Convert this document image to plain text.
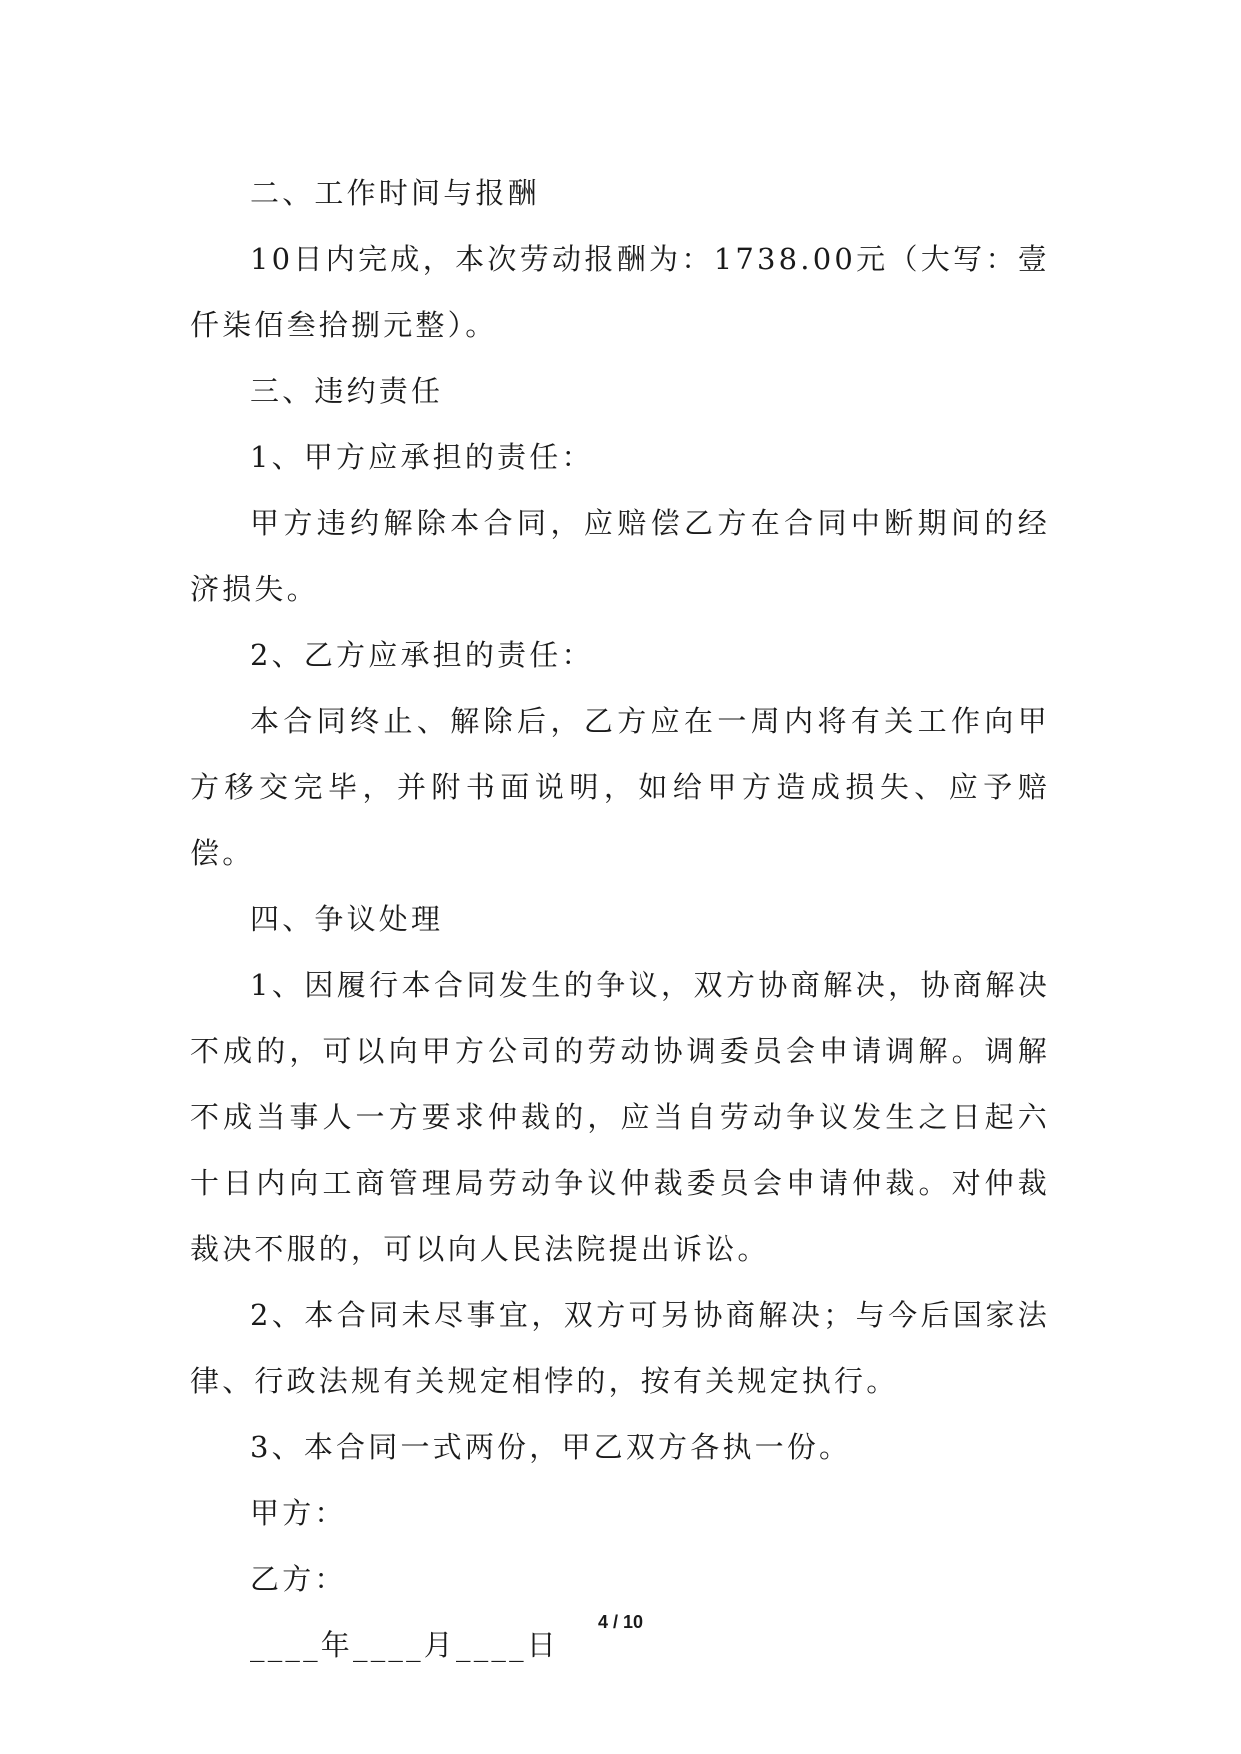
二、工作时间与报酬

10日内完成，本次劳动报酬为：1738.00元（大写：壹仟柒佰叁拾捌元整）。

三、违约责任

1、甲方应承担的责任：

甲方违约解除本合同，应赔偿乙方在合同中断期间的经济损失。

2、乙方应承担的责任：

本合同终止、解除后，乙方应在一周内将有关工作向甲方移交完毕，并附书面说明，如给甲方造成损失、应予赔偿。

四、争议处理

1、因履行本合同发生的争议，双方协商解决，协商解决不成的，可以向甲方公司的劳动协调委员会申请调解。调解不成当事人一方要求仲裁的，应当自劳动争议发生之日起六十日内向工商管理局劳动争议仲裁委员会申请仲裁。对仲裁裁决不服的，可以向人民法院提出诉讼。

2、本合同未尽事宜，双方可另协商解决；与今后国家法律、行政法规有关规定相悖的，按有关规定执行。

3、本合同一式两份，甲乙双方各执一份。

甲方：

乙方：

____年____月____日

4 / 10
